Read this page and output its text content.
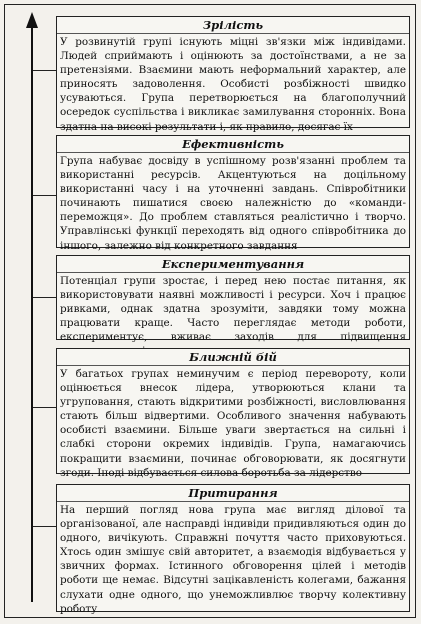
Зрілість
У розвинутій групі існують міцні зв'язки між індивідами. Людей сприймають і оцінюють за достоїнствами, а не за претензіями. Взаємини мають неформальний характер, але приносять задоволення. Особисті розбіжності швидко усуваються. Група перетворюється на благополучний осередок суспільства і викликає замилування сторонніх. Вона здатна на високі результати і, як правило, досягає їх
Ефективність
Група набуває досвіду в успішному розв'язанні проблем та використанні ресурсів. Акцентуються на доцільному використанні часу і на уточненні завдань. Співробітники починають пишатися своєю належністю до «команди-переможця». До проблем ставляться реалістично і творчо. Управлінські функції переходять від одного співробітника до іншого, залежно від конкретного завдання
Експериментування
Потенціал групи зростає, і перед нею постає питання, як використовувати наявні можливості і ресурси. Хоч і працює ривками, однак здатна зрозуміти, завдяки тому можна працювати краще. Часто переглядає методи роботи, експериментує, вживає заходів для підвищення
Ближній бій
У багатьох групах неминучим є період перевороту, коли оцінюється внесок лідера, утворюються клани та угруповання, стають відкритими розбіжності, висловлювання стають більш відвертими. Особливого значення набувають особисті взаємини. Більше уваги звертається на сильні і слабкі сторони окремих індивідів. Група, намагаючись покращити взаємини, починає обговорювати, як досягнути згоди. Іноді відбувається силова боротьба за лідерство
Притирання
На перший погляд нова група має вигляд ділової та організованої, але насправді індивіди придивляються один до одного, вичікують. Справжні почуття часто приховуються. Хтось один змішує свій авторитет, а взаємодія відбувається у звичних формах. Істинного обговорення цілей і методів роботи ще немає. Відсутні зацікавленість колегами, бажання слухати одне одного, що унеможливлює творчу колективну роботу
